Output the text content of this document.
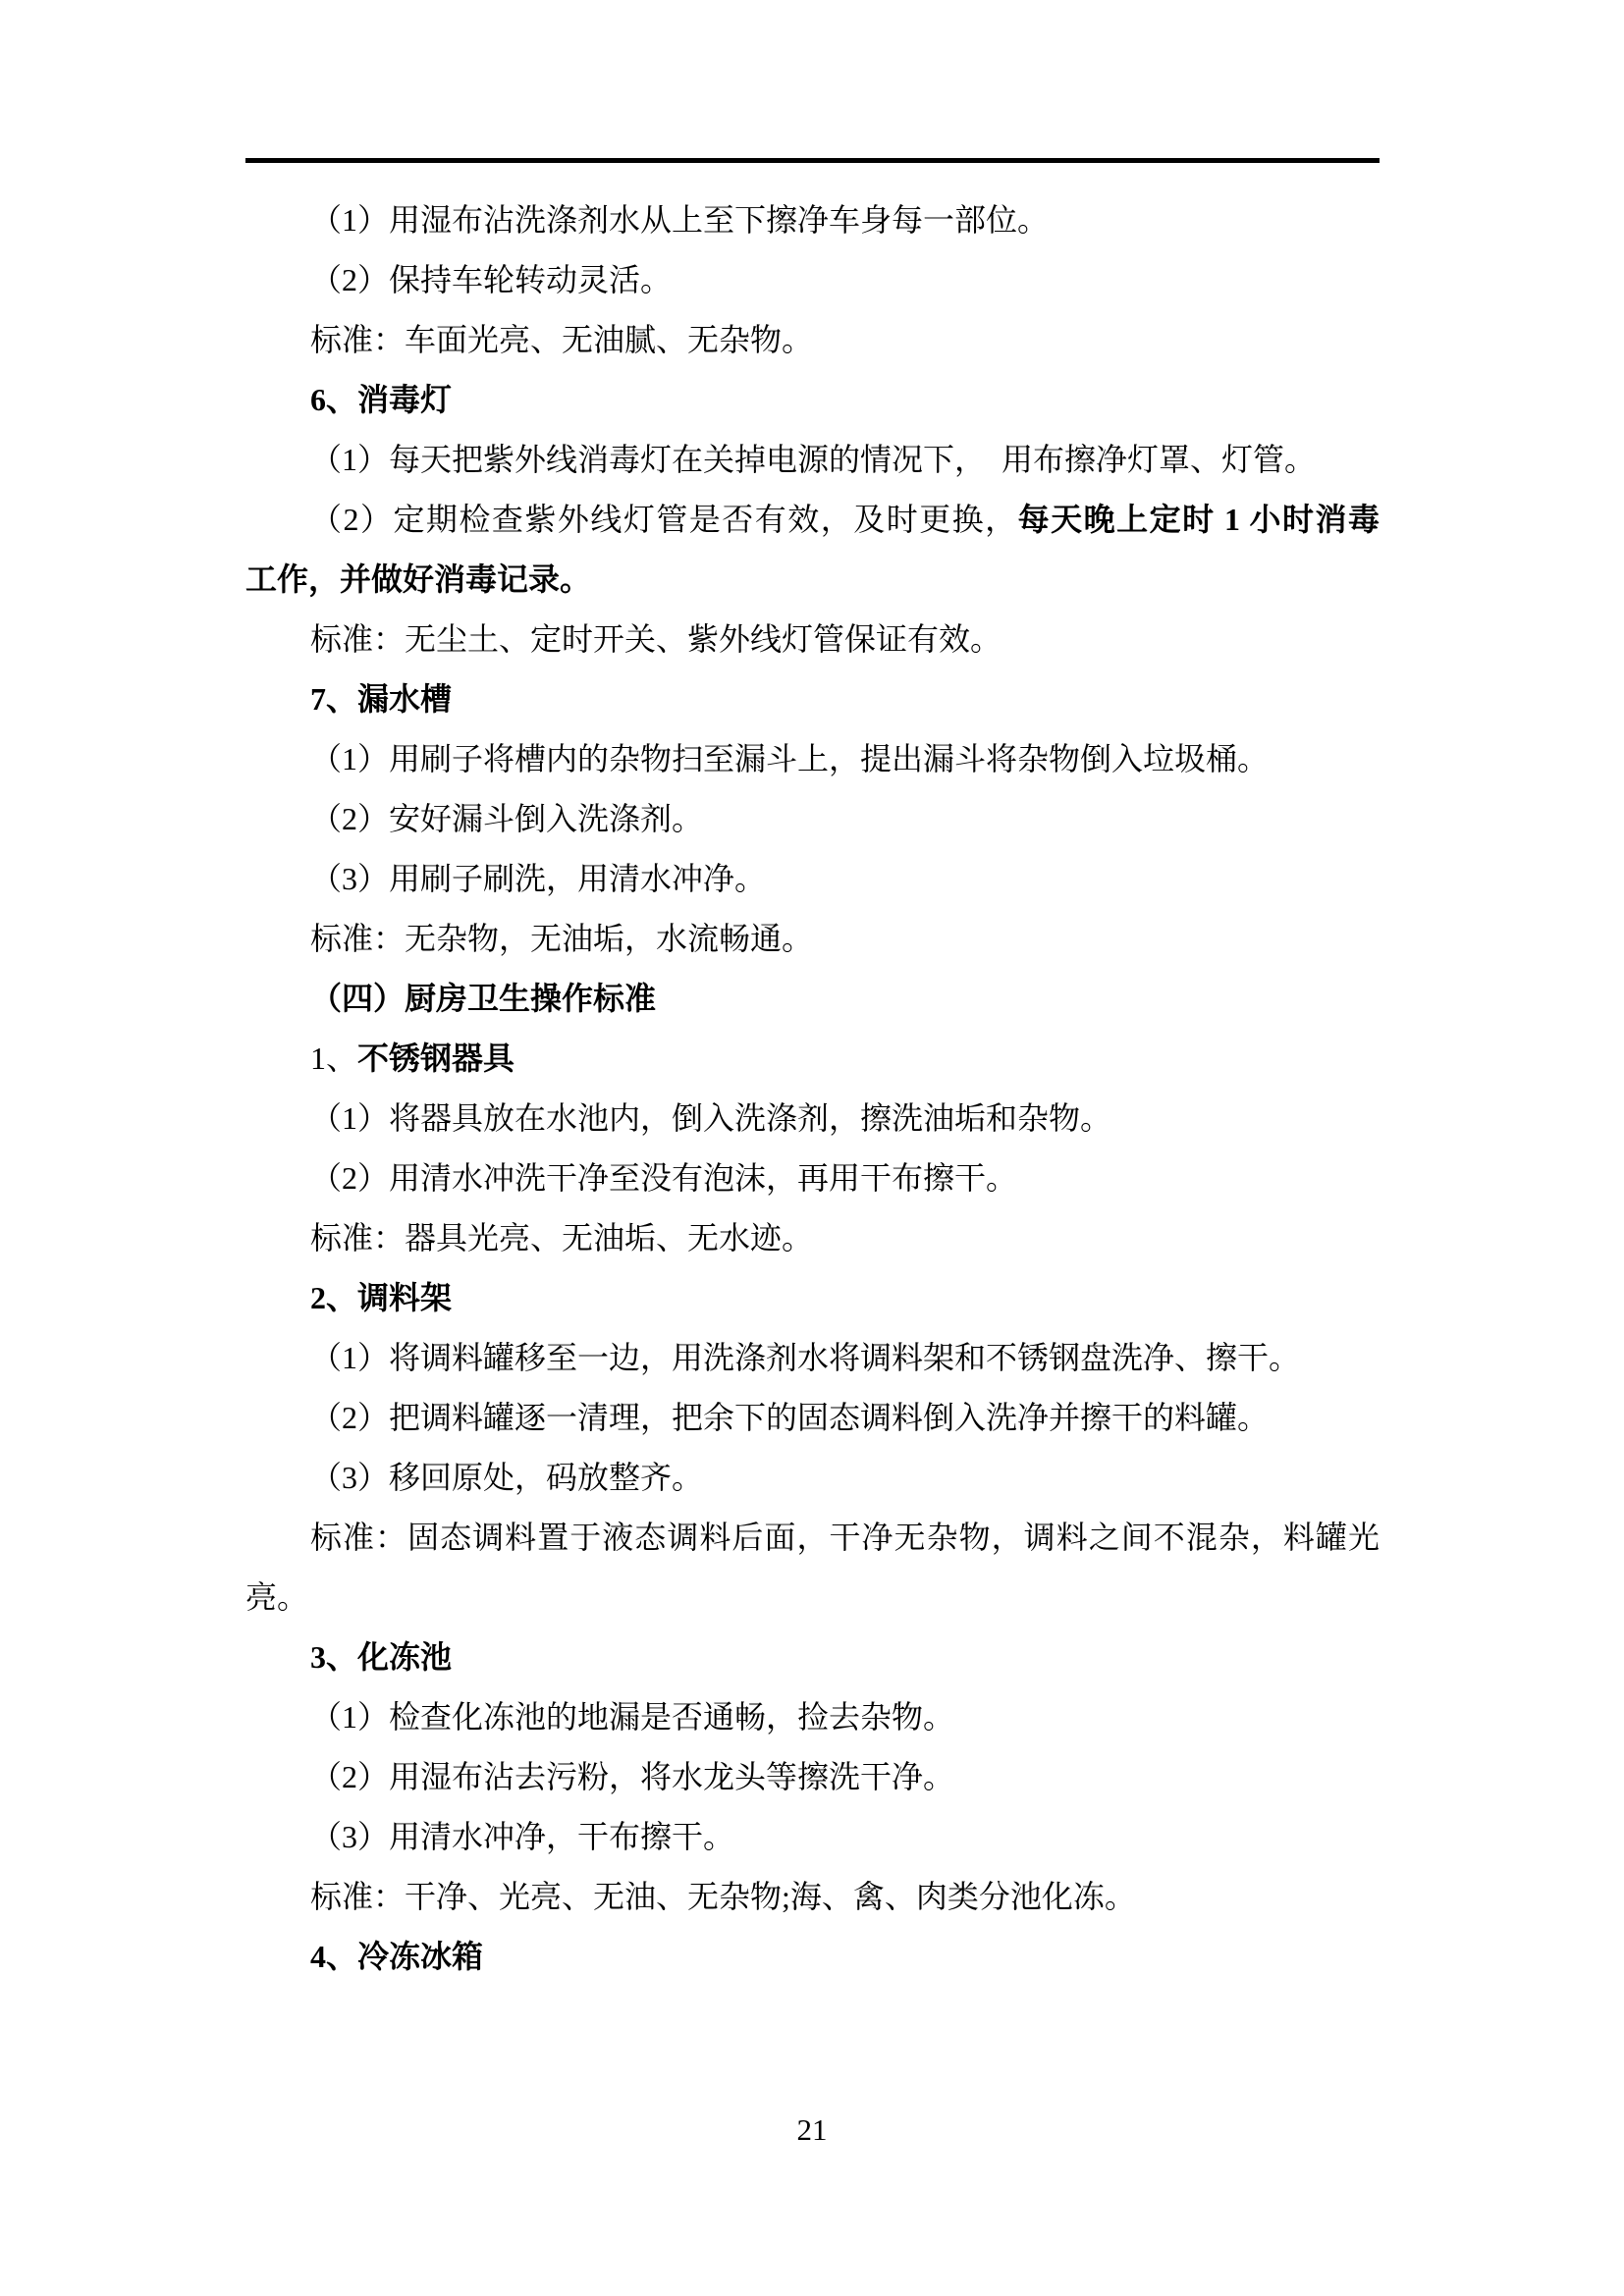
（1）用湿布沾洗涤剂水从上至下擦净车身每一部位。
（2）保持车轮转动灵活。
标准：车面光亮、无油腻、无杂物。
6、消毒灯
（1）每天把紫外线消毒灯在关掉电源的情况下，　用布擦净灯罩、灯管。
（2）定期检查紫外线灯管是否有效，及时更换，每天晚上定时 1 小时消毒
工作，并做好消毒记录。
标准：无尘土、定时开关、紫外线灯管保证有效。
7、漏水槽
（1）用刷子将槽内的杂物扫至漏斗上，提出漏斗将杂物倒入垃圾桶。
（2）安好漏斗倒入洗涤剂。
（3）用刷子刷洗，用清水冲净。
标准：无杂物，无油垢，水流畅通。
（四）厨房卫生操作标准
1、不锈钢器具
（1）将器具放在水池内，倒入洗涤剂，擦洗油垢和杂物。
（2）用清水冲洗干净至没有泡沫，再用干布擦干。
标准：器具光亮、无油垢、无水迹。
2、调料架
（1）将调料罐移至一边，用洗涤剂水将调料架和不锈钢盘洗净、擦干。
（2）把调料罐逐一清理，把余下的固态调料倒入洗净并擦干的料罐。
（3）移回原处，码放整齐。
标准：固态调料置于液态调料后面，干净无杂物，调料之间不混杂，料罐光
亮。
3、化冻池
（1）检查化冻池的地漏是否通畅，捡去杂物。
（2）用湿布沾去污粉，将水龙头等擦洗干净。
（3）用清水冲净，干布擦干。
标准：干净、光亮、无油、无杂物;海、禽、肉类分池化冻。
4、冷冻冰箱
21
